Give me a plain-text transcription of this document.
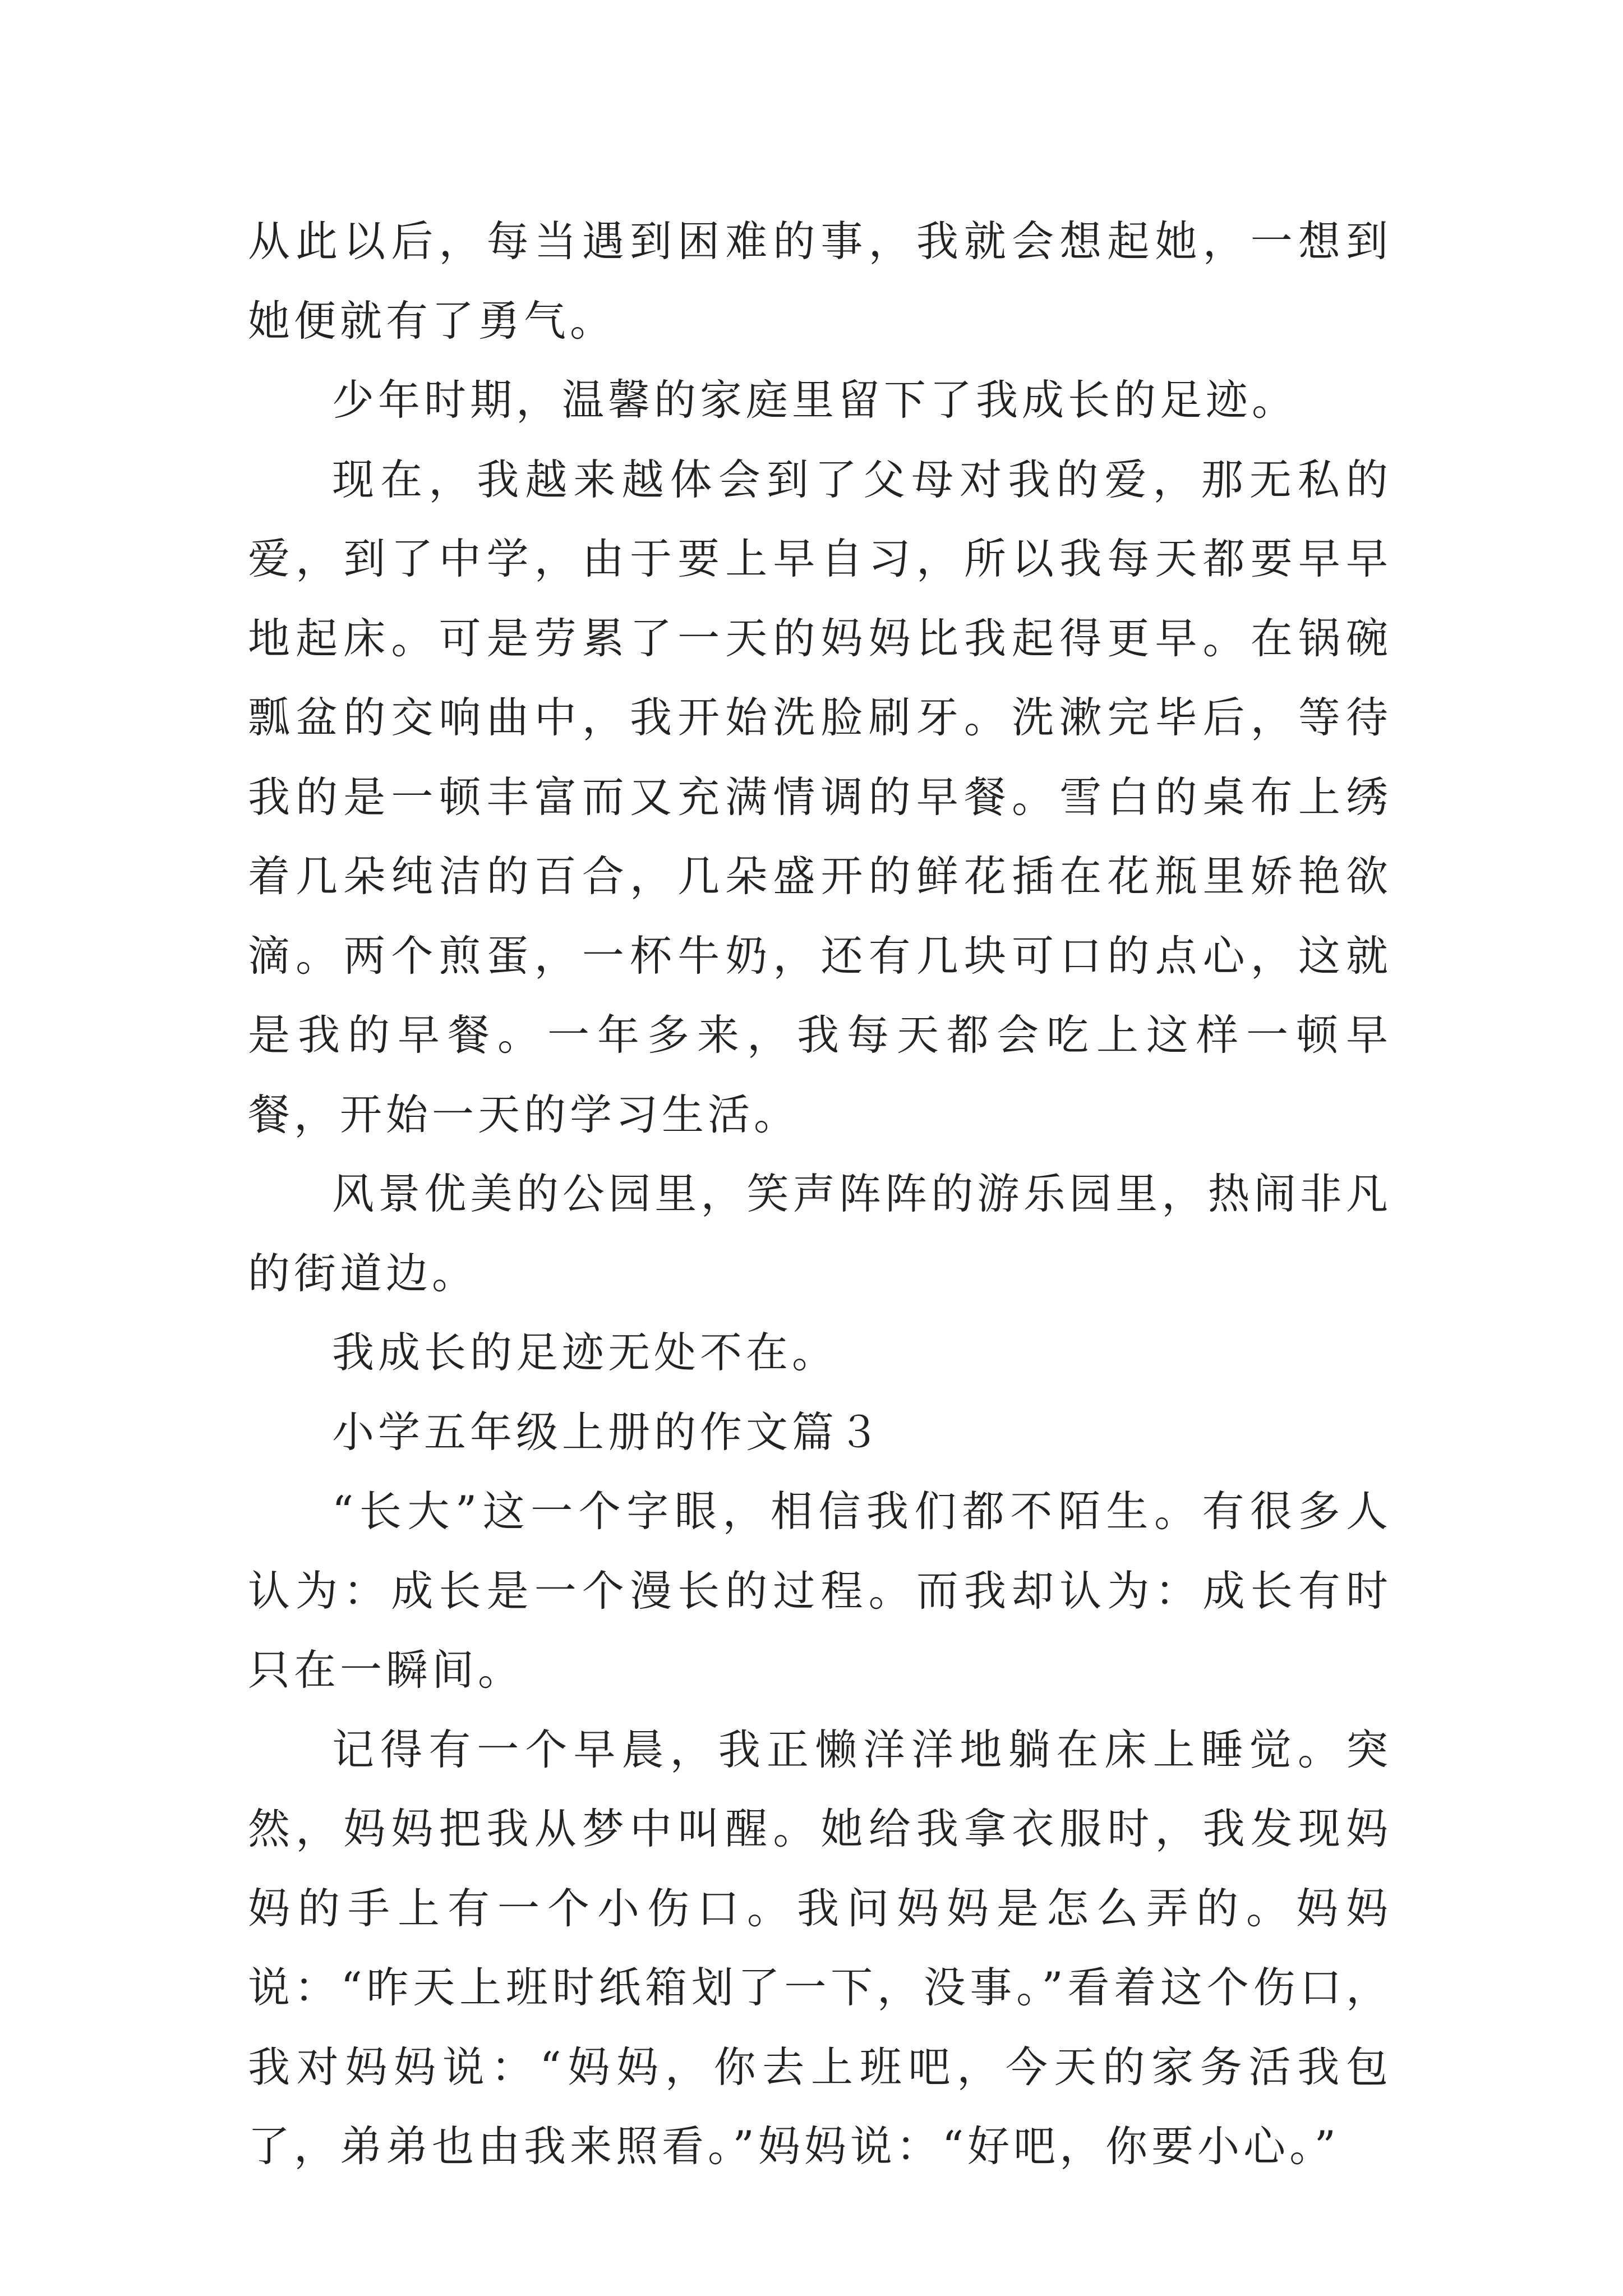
从此以后，每当遇到困难的事，我就会想起她，一想到她便就有了勇气。

少年时期，温馨的家庭里留下了我成长的足迹。

现在，我越来越体会到了父母对我的爱，那无私的爱，到了中学，由于要上早自习，所以我每天都要早早地起床。可是劳累了一天的妈妈比我起得更早。在锅碗瓢盆的交响曲中，我开始洗脸刷牙。洗漱完毕后，等待我的是一顿丰富而又充满情调的早餐。雪白的桌布上绣着几朵纯洁的百合，几朵盛开的鲜花插在花瓶里娇艳欲滴。两个煎蛋，一杯牛奶，还有几块可口的点心，这就是我的早餐。一年多来，我每天都会吃上这样一顿早餐，开始一天的学习生活。

风景优美的公园里，笑声阵阵的游乐园里，热闹非凡的街道边。

我成长的足迹无处不在。

小学五年级上册的作文篇３

“长大”这一个字眼，相信我们都不陌生。有很多人认为：成长是一个漫长的过程。而我却认为：成长有时只在一瞬间。

记得有一个早晨，我正懒洋洋地躺在床上睡觉。突然，妈妈把我从梦中叫醒。她给我拿衣服时，我发现妈妈的手上有一个小伤口。我问妈妈是怎么弄的。妈妈说：“昨天上班时纸箱划了一下，没事。”看着这个伤口，我对妈妈说：“妈妈，你去上班吧，今天的家务活我包了，弟弟也由我来照看。”妈妈说：“好吧，你要小心。”
